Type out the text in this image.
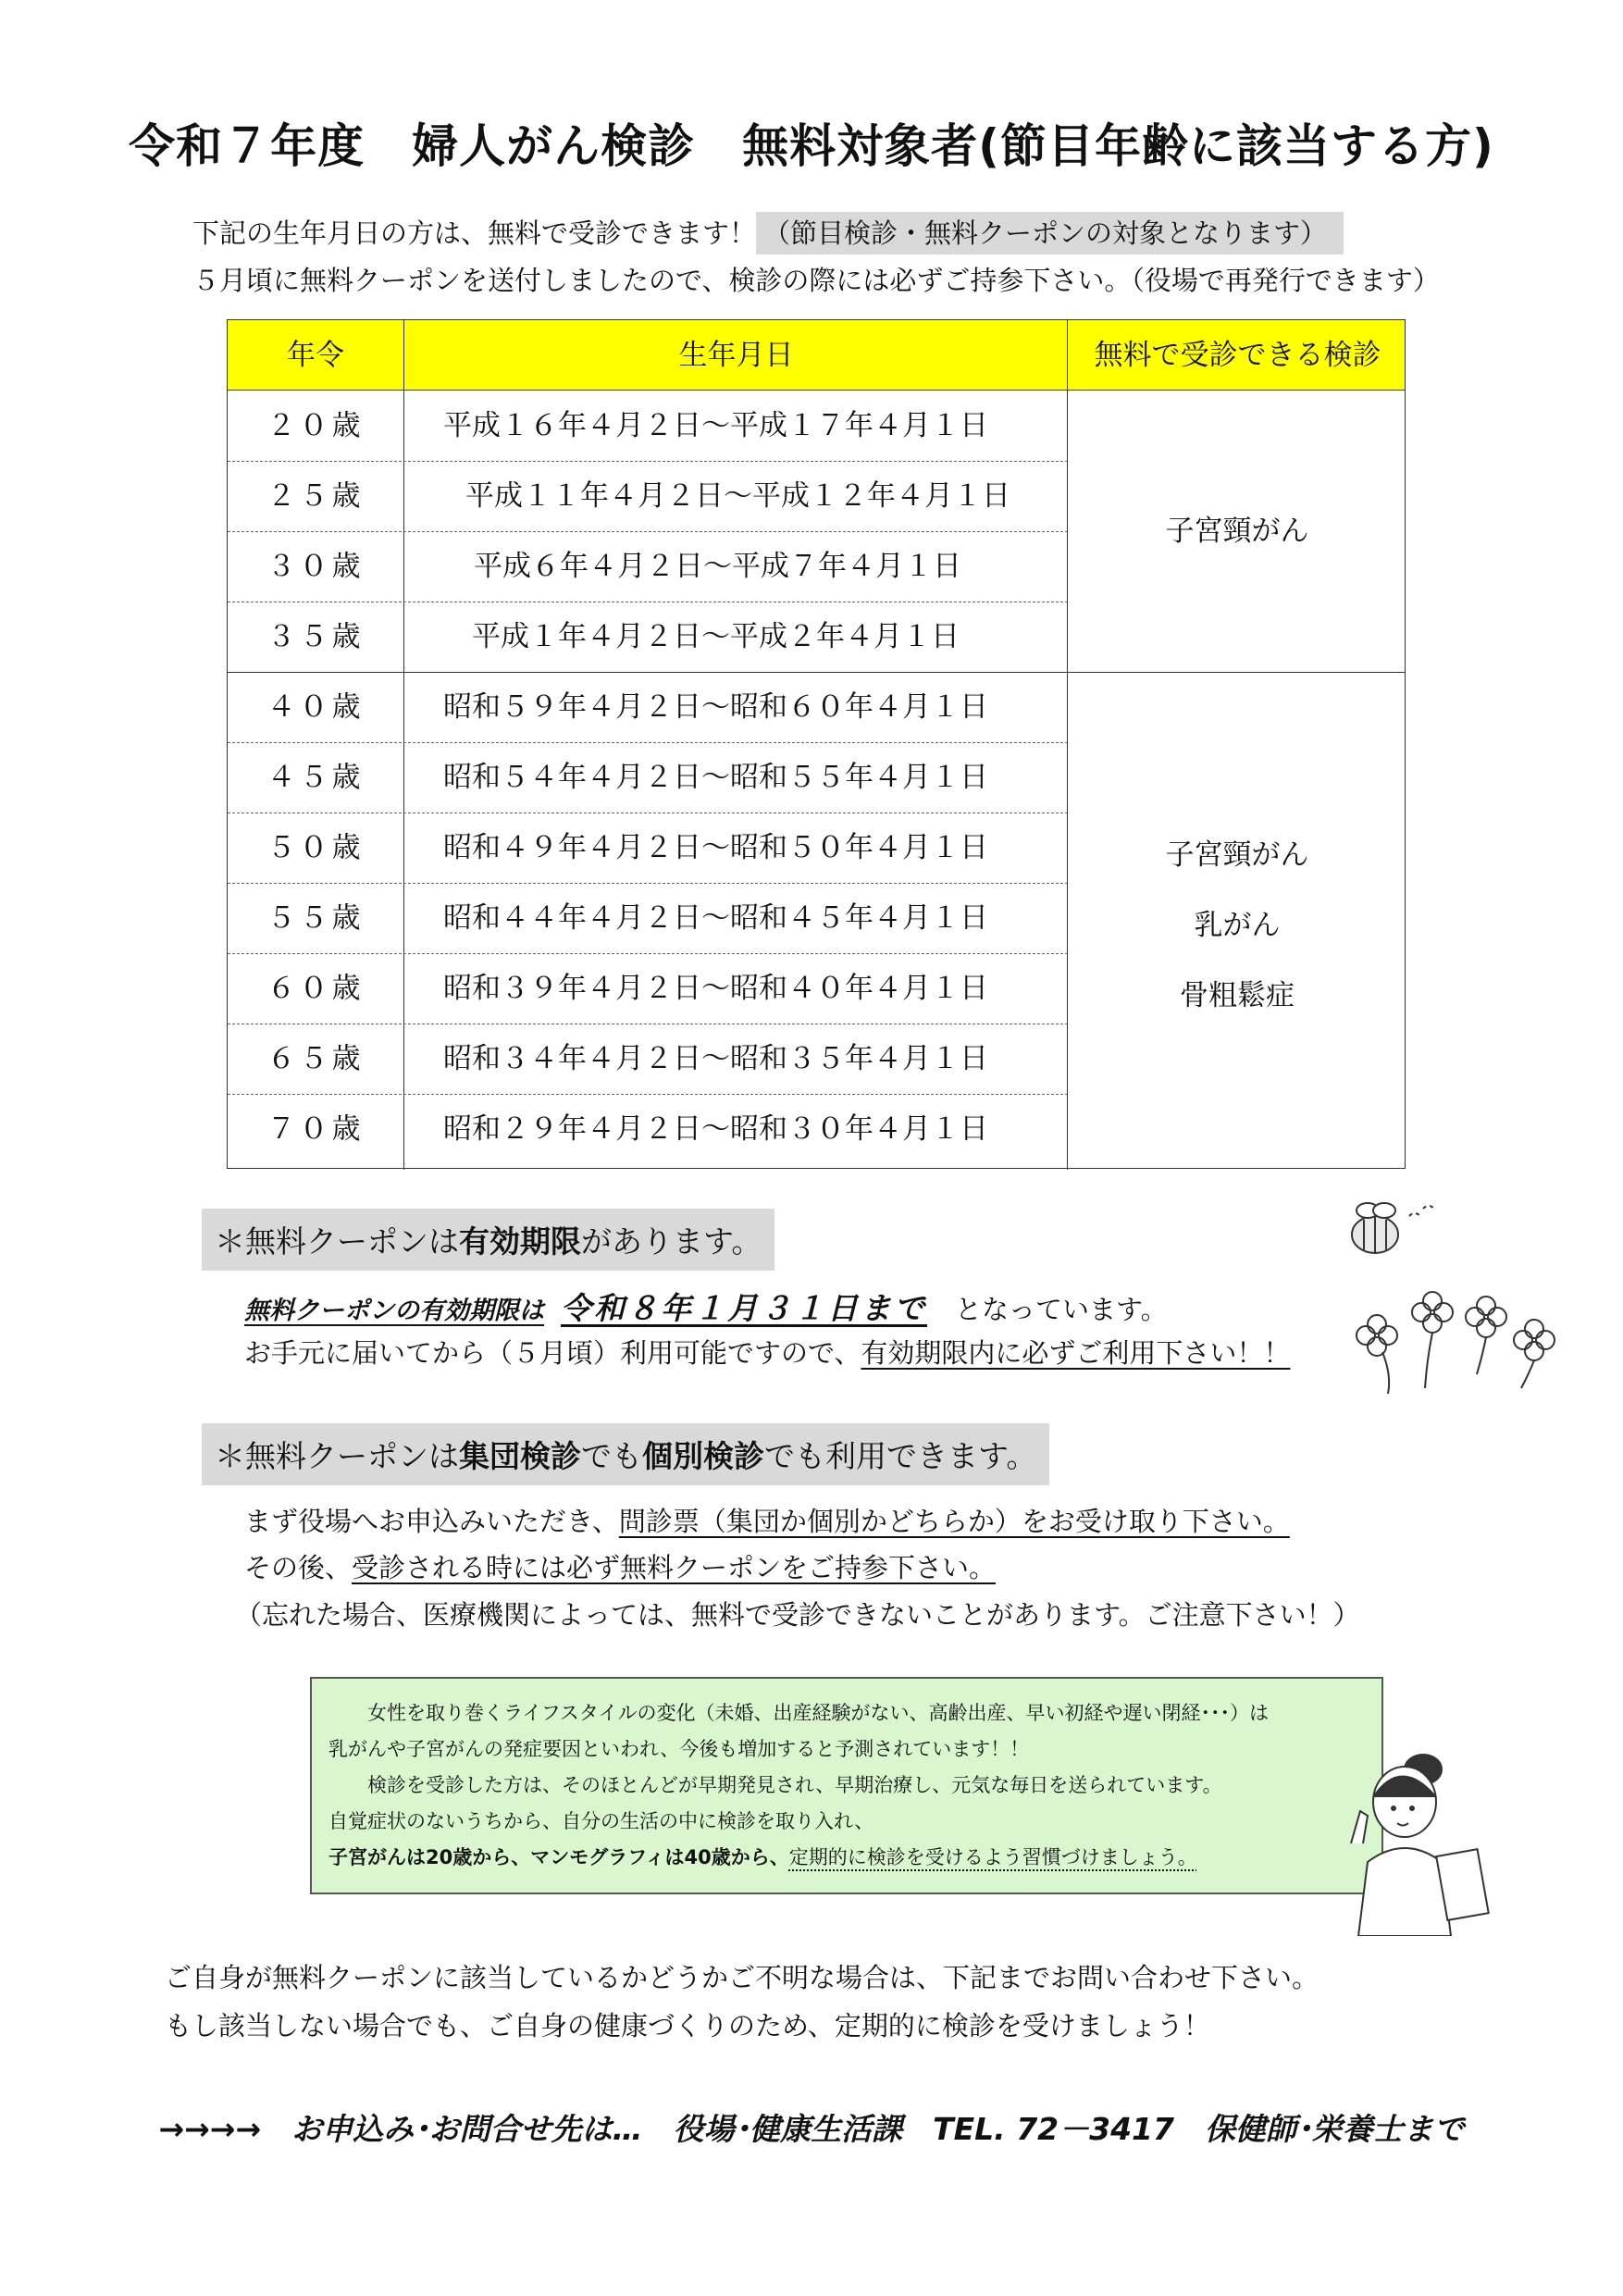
令和７年度　婦人がん検診　無料対象者(節目年齢に該当する方)
下記の生年月日の方は、無料で受診できます！ （節目検診・無料クーポンの対象となります）
５月頃に無料クーポンを送付しましたので、検診の際には必ずご持参下さい。（役場で再発行できます）
年令	生年月日	無料で受診できる検診
２０歳	平成１６年４月２日～平成１７年４月１日
２５歳	平成１１年４月２日～平成１２年４月１日
３０歳	平成６年４月２日～平成７年４月１日
３５歳	平成１年４月２日～平成２年４月１日
子宮頸がん
４０歳	昭和５９年４月２日～昭和６０年４月１日
４５歳	昭和５４年４月２日～昭和５５年４月１日
５０歳	昭和４９年４月２日～昭和５０年４月１日
５５歳	昭和４４年４月２日～昭和４５年４月１日
６０歳	昭和３９年４月２日～昭和４０年４月１日
６５歳	昭和３４年４月２日～昭和３５年４月１日
７０歳	昭和２９年４月２日～昭和３０年４月１日
子宮頸がん
乳がん
骨粗鬆症
＊無料クーポンは有効期限があります。
無料クーポンの有効期限は 令和８年１月３１日まで となっています。
お手元に届いてから（５月頃）利用可能ですので、有効期限内に必ずご利用下さい！！
＊無料クーポンは集団検診でも個別検診でも利用できます。
まず役場へお申込みいただき、問診票（集団か個別かどちらか）をお受け取り下さい。
その後、受診される時には必ず無料クーポンをご持参下さい。
（忘れた場合、医療機関によっては、無料で受診できないことがあります。ご注意下さい！）

女性を取り巻くライフスタイルの変化（未婚、出産経験がない、高齢出産、早い初経や遅い閉経･･･）は

乳がんや子宮がんの発症要因といわれ、今後も増加すると予測されています！！

検診を受診した方は、そのほとんどが早期発見され、早期治療し、元気な毎日を送られています。

自覚症状のないうちから、自分の生活の中に検診を取り入れ、

子宮がんは20歳から、マンモグラフィは40歳から、定期的に検診を受けるよう習慣づけましょう。

ご自身が無料クーポンに該当しているかどうかご不明な場合は、下記までお問い合わせ下さい。
もし該当しない場合でも、ご自身の健康づくりのため、定期的に検診を受けましょう！
→→→→　お申込み･お問合せ先は…　役場･健康生活課　TEL. 72－3417　保健師･栄養士まで
